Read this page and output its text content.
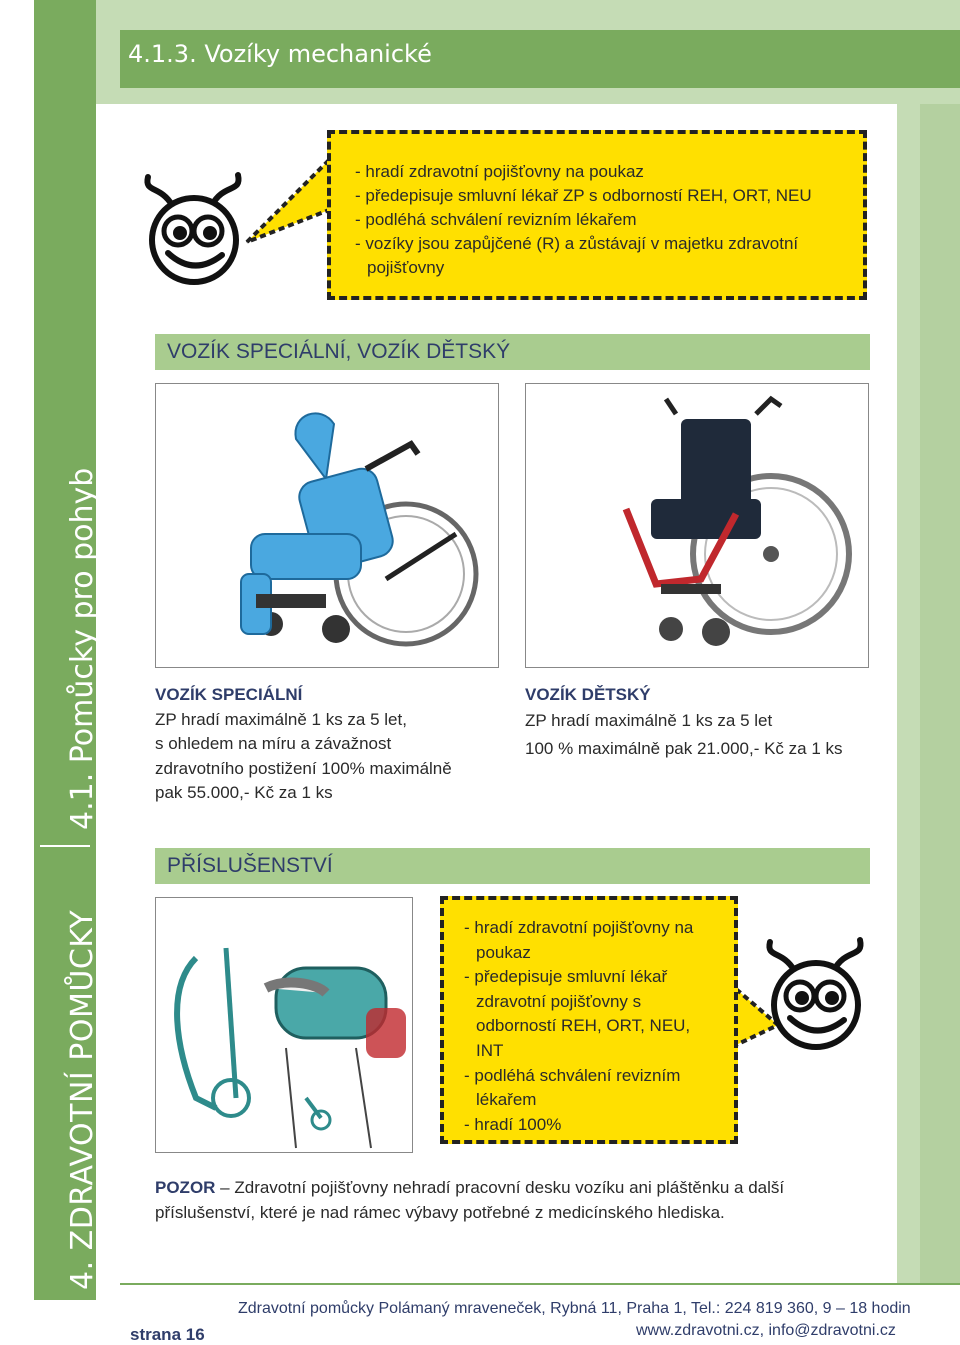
4. ZDRAVOTNÍ POMŮCKY
4.1. Pomůcky pro pohyb
4.1.3. Vozíky mechanické
- hradí zdravotní pojišťovny na poukaz
- předepisuje smluvní lékař ZP s odborností REH, ORT, NEU
- podléhá schválení revizním lékařem
- vozíky jsou zapůjčené (R) a zůstávají v majetku zdravotní pojišťovny
VOZÍK SPECIÁLNÍ, VOZÍK DĚTSKÝ
VOZÍK SPECIÁLNÍ
ZP hradí maximálně 1 ks za 5 let,
s ohledem na míru a závažnost
zdravotního postižení 100% maximálně
pak 55.000,- Kč za 1 ks
VOZÍK DĚTSKÝ
ZP hradí maximálně 1 ks za 5 let
100 % maximálně pak 21.000,- Kč za 1 ks
PŘÍSLUŠENSTVÍ
- hradí zdravotní pojišťovny na poukaz
- předepisuje smluvní lékař zdravotní pojišťovny s odborností REH, ORT, NEU, INT
- podléhá schválení revizním lékařem
- hradí 100%
POZOR – Zdravotní pojišťovny nehradí pracovní desku vozíku ani pláštěnku a další příslušenství, které je nad rámec výbavy potřebné z medicínského hlediska.
strana 16
Zdravotní pomůcky Polámaný mraveneček, Rybná 11, Praha 1, Tel.: 224 819 360, 9 – 18 hodin
www.zdravotni.cz, info@zdravotni.cz
